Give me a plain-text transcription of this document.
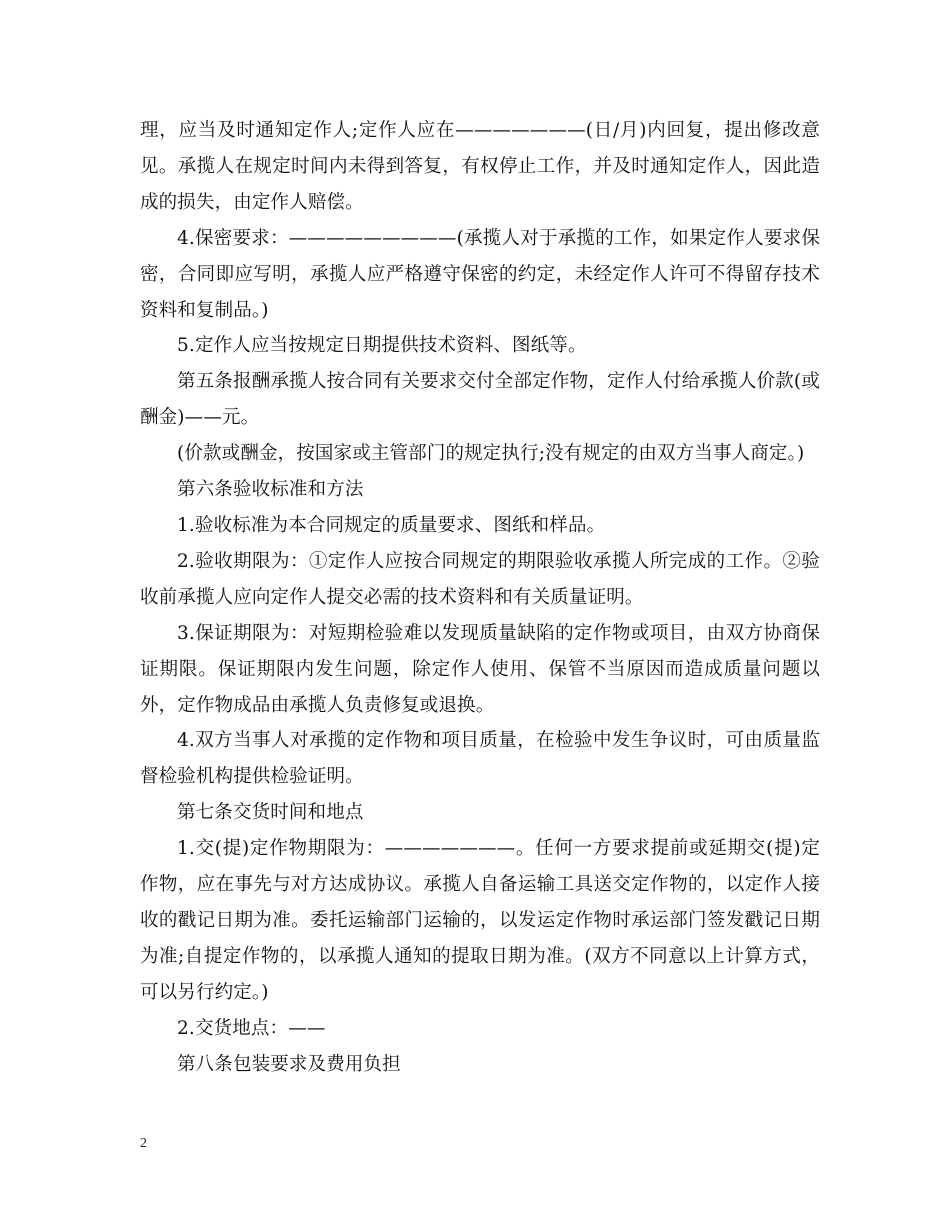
理，应当及时通知定作人;定作人应在———————(日/月)内回复，提出修改意见。承揽人在规定时间内未得到答复，有权停止工作，并及时通知定作人，因此造成的损失，由定作人赔偿。

4.保密要求：—————————(承揽人对于承揽的工作，如果定作人要求保密，合同即应写明，承揽人应严格遵守保密的约定，未经定作人许可不得留存技术资料和复制品。)

5.定作人应当按规定日期提供技术资料、图纸等。

第五条报酬承揽人按合同有关要求交付全部定作物，定作人付给承揽人价款(或酬金)——元。

(价款或酬金，按国家或主管部门的规定执行;没有规定的由双方当事人商定。)

第六条验收标准和方法

1.验收标准为本合同规定的质量要求、图纸和样品。

2.验收期限为：①定作人应按合同规定的期限验收承揽人所完成的工作。②验收前承揽人应向定作人提交必需的技术资料和有关质量证明。

3.保证期限为：对短期检验难以发现质量缺陷的定作物或项目，由双方协商保证期限。保证期限内发生问题，除定作人使用、保管不当原因而造成质量问题以外，定作物成品由承揽人负责修复或退换。

4.双方当事人对承揽的定作物和项目质量，在检验中发生争议时，可由质量监督检验机构提供检验证明。

第七条交货时间和地点

1.交(提)定作物期限为：———————。任何一方要求提前或延期交(提)定作物，应在事先与对方达成协议。承揽人自备运输工具送交定作物的，以定作人接收的戳记日期为准。委托运输部门运输的，以发运定作物时承运部门签发戳记日期为准;自提定作物的，以承揽人通知的提取日期为准。(双方不同意以上计算方式，可以另行约定。)

2.交货地点：——

第八条包装要求及费用负担

2
